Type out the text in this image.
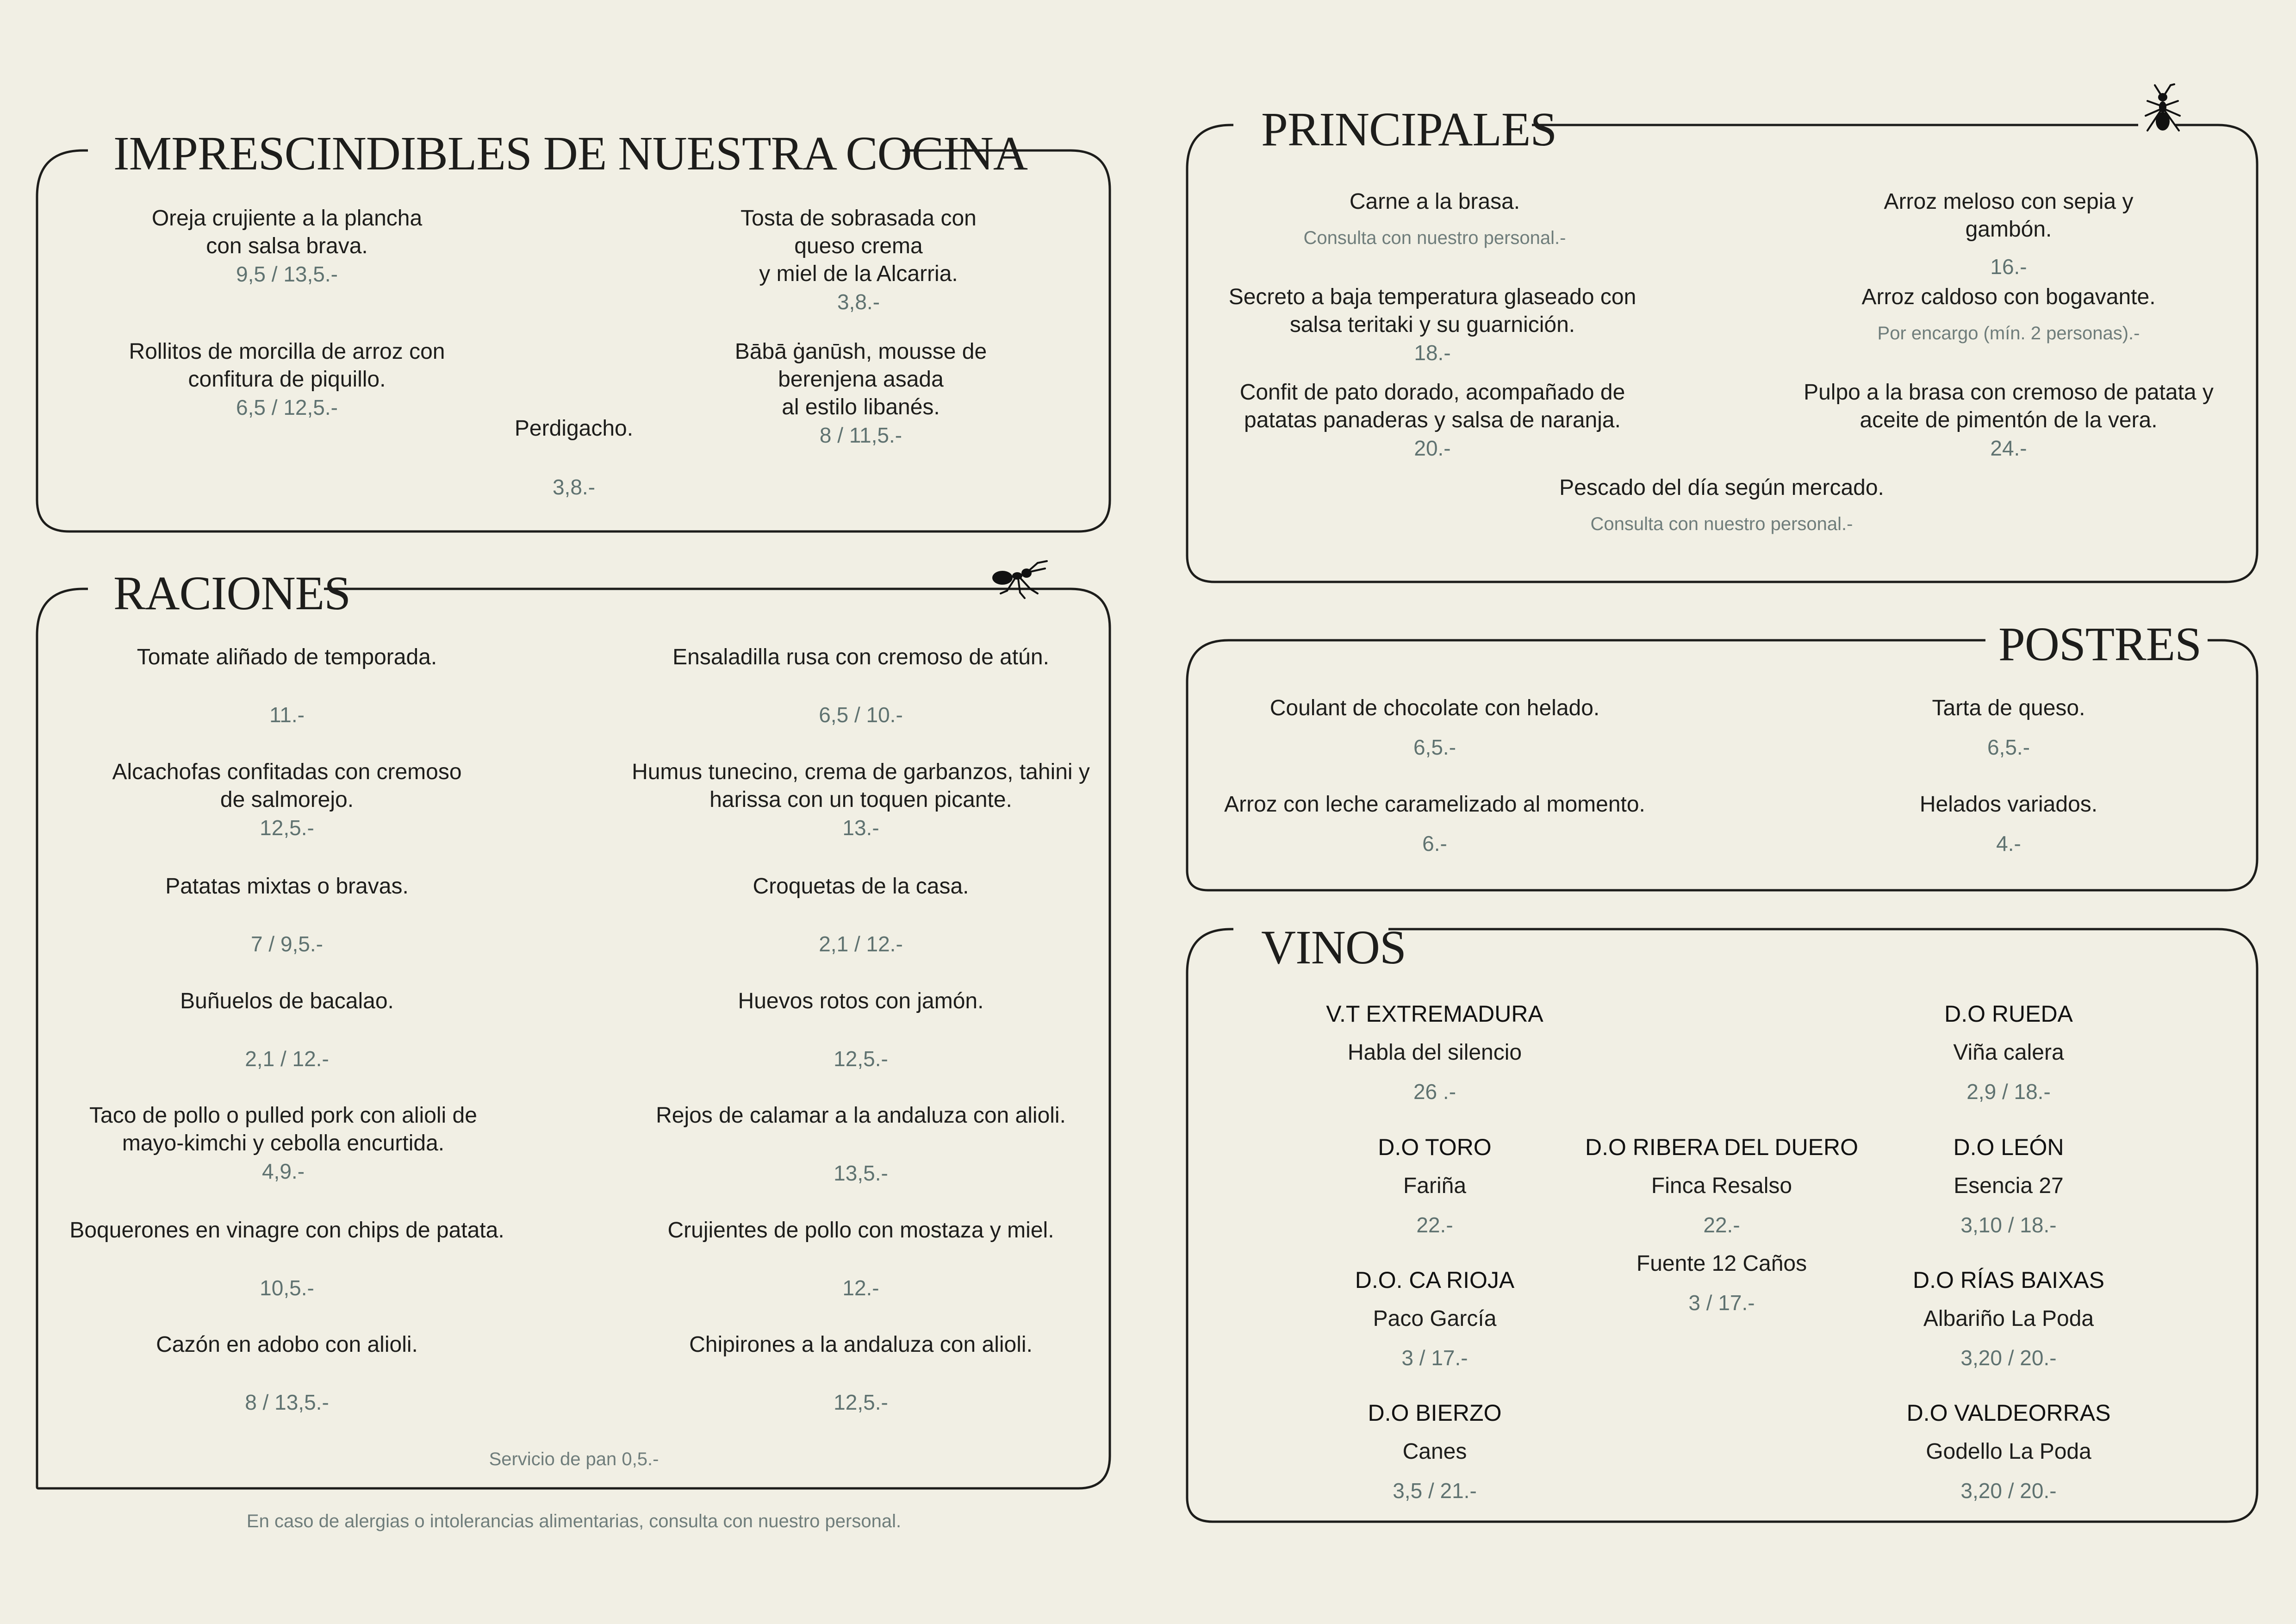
IMPRESCINDIBLES DE NUESTRA COCINA
Oreja crujiente a la plancha
con salsa brava.
9,5 / 13,5.-
Tosta de sobrasada con queso crema
y miel de la Alcarria.
3,8.-
Rollitos de morcilla de arroz con
confitura de piquillo.
6,5 / 12,5.-
Bābā ġanūsh, mousse de berenjena asada
al estilo libanés.
8 / 11,5.-
Perdigacho.
3,8.-
RACIONES
Tomate aliñado de temporada.
11.-
Ensaladilla rusa con cremoso de atún.
6,5 / 10.-
Alcachofas confitadas con cremoso
de salmorejo.
12,5.-
Humus tunecino, crema de garbanzos, tahini y
harissa con un toquen picante.
13.-
Patatas mixtas o bravas.
7 / 9,5.-
Croquetas de la casa.
2,1 / 12.-
Buñuelos de bacalao.
2,1 / 12.-
Huevos rotos con jamón.
12,5.-
Taco de pollo o pulled pork con alioli de
mayo-kimchi y cebolla encurtida.
4,9.-
Rejos de calamar a la andaluza con alioli.
13,5.-
Boquerones en vinagre con chips de patata.
10,5.-
Crujientes de pollo con mostaza y miel.
12.-
Cazón en adobo con alioli.
8 / 13,5.-
Chipirones a la andaluza con alioli.
12,5.-
Servicio de pan 0,5.-
En caso de alergias o intolerancias alimentarias, consulta con nuestro personal.
PRINCIPALES
Carne a la brasa.
Consulta con nuestro personal.-
Arroz meloso con sepia y gambón.
16.-
Secreto a baja temperatura glaseado con
salsa teritaki y su guarnición.
18.-
Arroz caldoso con bogavante.
Por encargo (mín. 2 personas).-
Confit de pato dorado, acompañado de
patatas panaderas y salsa de naranja.
20.-
Pulpo a la brasa con cremoso de patata y
aceite de pimentón de la vera.
24.-
Pescado del día según mercado.
Consulta con nuestro personal.-
POSTRES
Coulant de chocolate con helado.
6,5.-
Tarta de queso.
6,5.-
Arroz con leche caramelizado al momento.
6.-
Helados variados.
4.-
VINOS
V.T EXTREMADURA
Habla del silencio
26 .-
D.O RUEDA
Viña calera
2,9 / 18.-
D.O TORO
Fariña
22.-
D.O RIBERA DEL DUERO
Finca Resalso
22.-
Fuente 12 Caños
3 / 17.-
D.O LEÓN
Esencia 27
3,10 / 18.-
D.O. CA RIOJA
Paco García
3 / 17.-
D.O RÍAS BAIXAS
Albariño La Poda
3,20 / 20.-
D.O BIERZO
Canes
3,5 / 21.-
D.O VALDEORRAS
Godello La Poda
3,20 / 20.-
